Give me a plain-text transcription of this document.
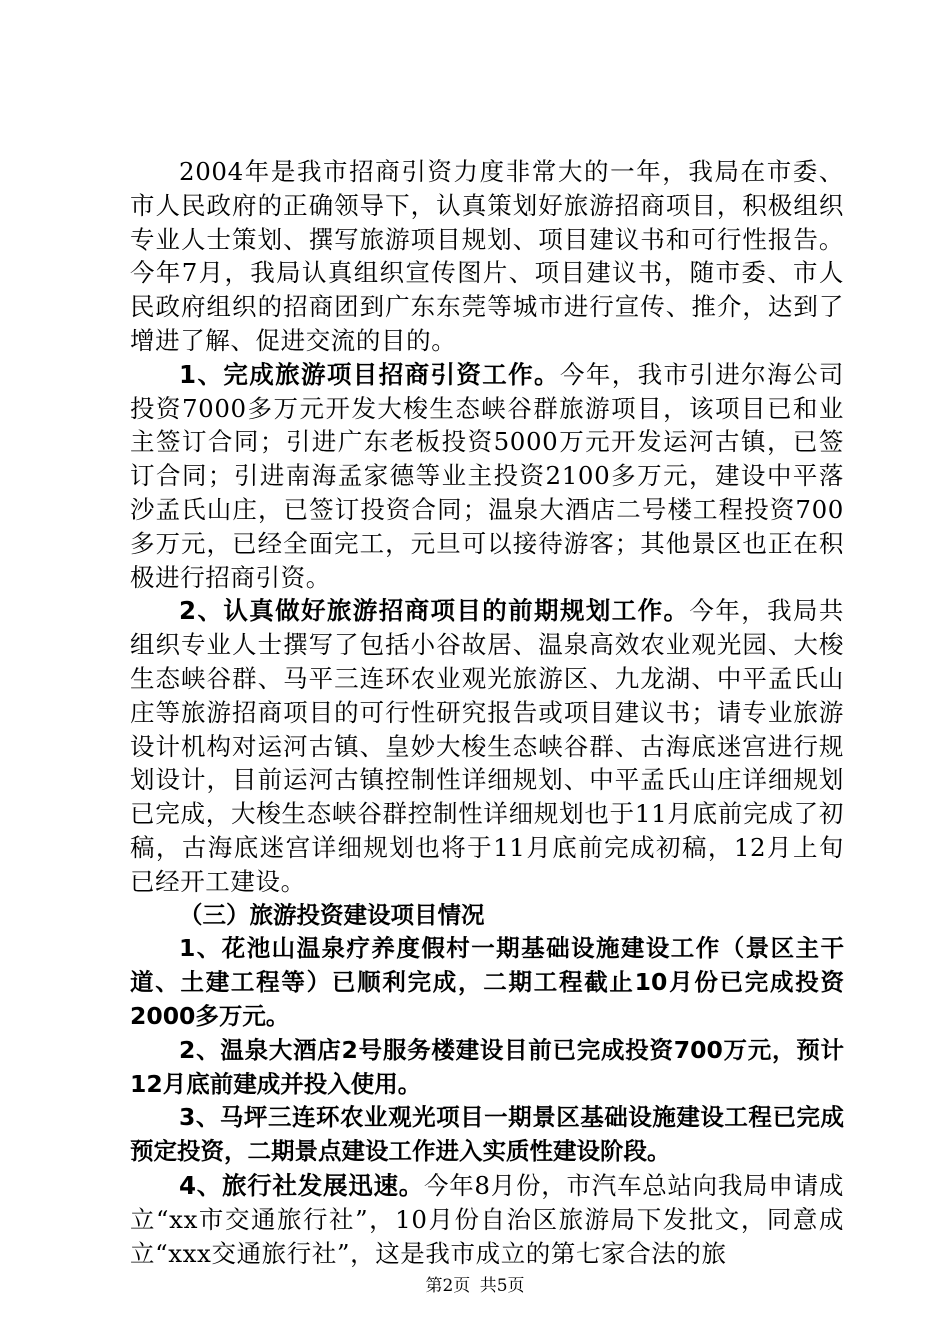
2004年是我市招商引资力度非常大的一年，我局在市委、市人民政府的正确领导下，认真策划好旅游招商项目，积极组织专业人士策划、撰写旅游项目规划、项目建议书和可行性报告。今年7月，我局认真组织宣传图片、项目建议书，随市委、市人民政府组织的招商团到广东东莞等城市进行宣传、推介，达到了增进了解、促进交流的目的。

1、完成旅游项目招商引资工作。今年，我市引进尔海公司投资7000多万元开发大梭生态峡谷群旅游项目，该项目已和业主签订合同；引进广东老板投资5000万元开发运河古镇，已签订合同；引进南海孟家德等业主投资2100多万元，建设中平落沙孟氏山庄，已签订投资合同；温泉大酒店二号楼工程投资700多万元，已经全面完工，元旦可以接待游客；其他景区也正在积极进行招商引资。

2、认真做好旅游招商项目的前期规划工作。今年，我局共组织专业人士撰写了包括小谷故居、温泉高效农业观光园、大梭生态峡谷群、马平三连环农业观光旅游区、九龙湖、中平孟氏山庄等旅游招商项目的可行性研究报告或项目建议书；请专业旅游设计机构对运河古镇、皇妙大梭生态峡谷群、古海底迷宫进行规划设计，目前运河古镇控制性详细规划、中平孟氏山庄详细规划已完成，大梭生态峡谷群控制性详细规划也于11月底前完成了初稿，古海底迷宫详细规划也将于11月底前完成初稿，12月上旬已经开工建设。

（三）旅游投资建设项目情况

1、花池山温泉疗养度假村一期基础设施建设工作（景区主干道、土建工程等）已顺利完成，二期工程截止10月份已完成投资2000多万元。

2、温泉大酒店2号服务楼建设目前已完成投资700万元，预计12月底前建成并投入使用。

3、马坪三连环农业观光项目一期景区基础设施建设工程已完成预定投资，二期景点建设工作进入实质性建设阶段。

4、旅行社发展迅速。今年8月份，市汽车总站向我局申请成立“xx市交通旅行社”，10月份自治区旅游局下发批文，同意成立“xxx交通旅行社”，这是我市成立的第七家合法的旅

第2页 共5页
